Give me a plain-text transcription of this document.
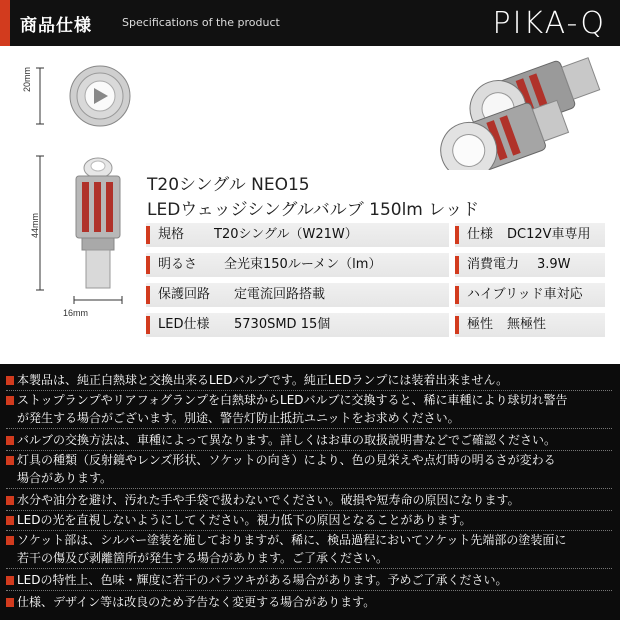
商品仕様	Specifications of the product	PIKA-Q
20mm
44mm
16mm
T20シングル NEO15
LEDウェッジシングルバルブ 150lm レッド
規格 T20シングル（W21W）	仕様 DC12V車専用
明るさ 全光束150ルーメン（lm）	消費電力 3.9W
保護回路 定電流回路搭載	ハイブリッド車対応
LED仕様 5730SMD 15個	極性 無極性
本製品は、純正白熱球と交換出来るLEDバルブです。純正LEDランプには装着出来ません。
ストップランプやリアフォグランプを白熱球からLEDバルブに交換すると、稀に車種により球切れ警告
が発生する場合がございます。別途、警告灯防止抵抗ユニットをお求めください。
バルブの交換方法は、車種によって異なります。詳しくはお車の取扱説明書などでご確認ください。
灯具の種類（反射鏡やレンズ形状、ソケットの向き）により、色の見栄えや点灯時の明るさが変わる
場合があります。
水分や油分を避け、汚れた手や手袋で扱わないでください。破損や短寿命の原因になります。
LEDの光を直視しないようにしてください。視力低下の原因となることがあります。
ソケット部は、シルバー塗装を施しておりますが、稀に、検品過程においてソケット先端部の塗装面に
若干の傷及び剥離箇所が発生する場合があります。ご了承ください。
LEDの特性上、色味・輝度に若干のバラツキがある場合があります。予めご了承ください。
仕様、デザイン等は改良のため予告なく変更する場合があります。
